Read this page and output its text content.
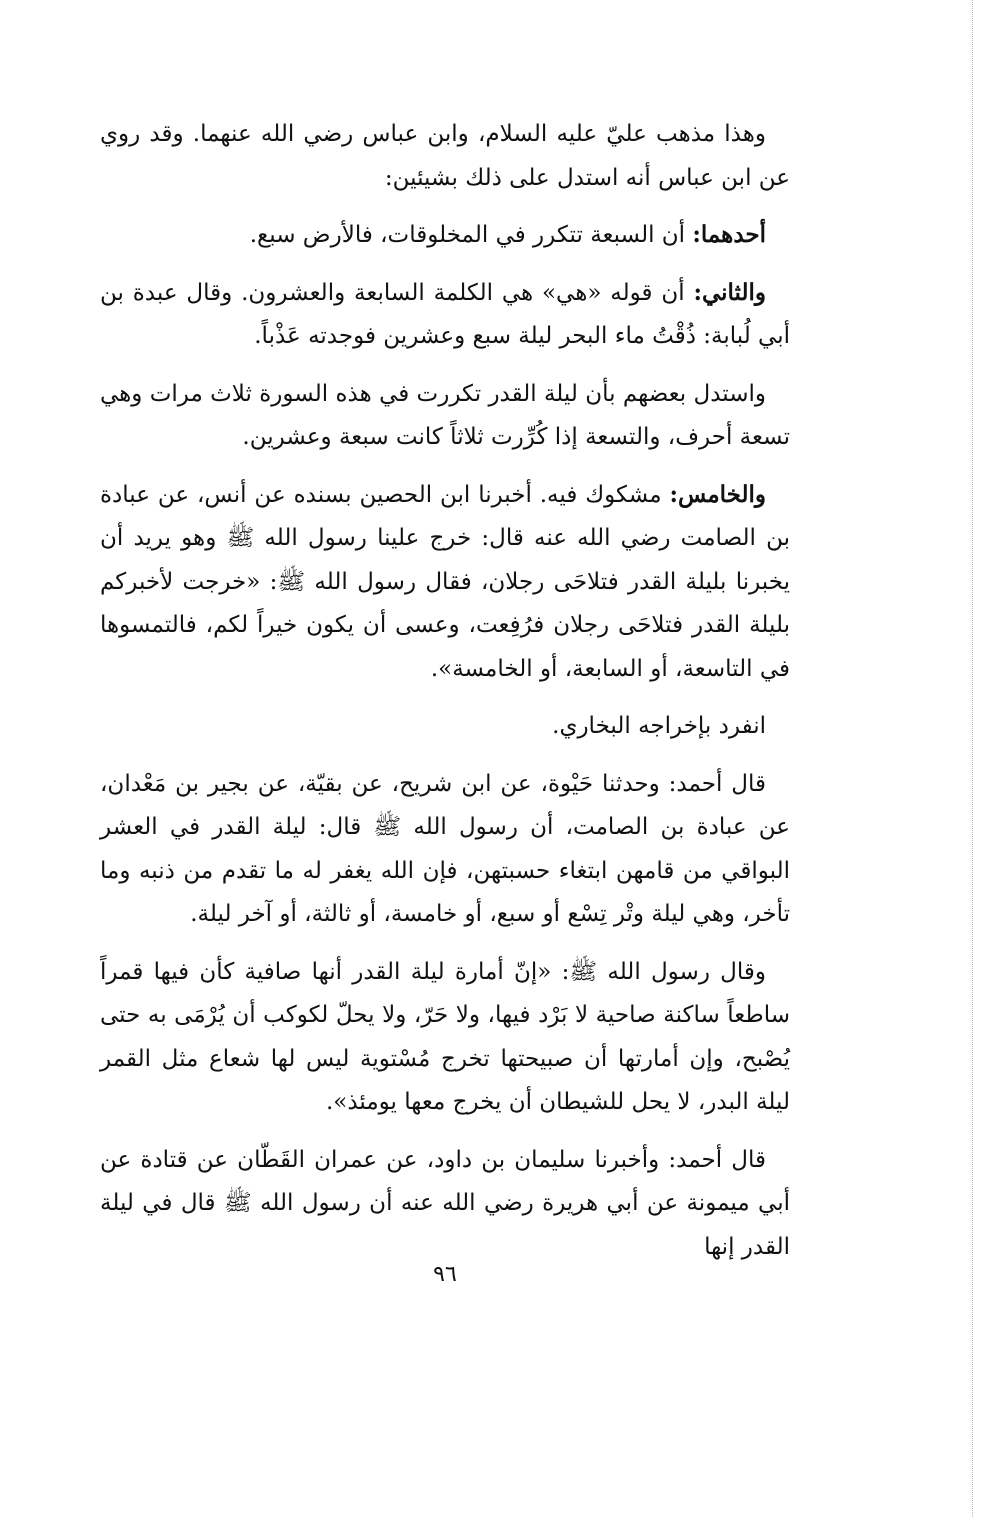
وهذا مذهب عليّ عليه السلام، وابن عباس رضي الله عنهما. وقد روي عن ابن عباس أنه استدل على ذلك بشيئين:

أحدهما: أن السبعة تتكرر في المخلوقات، فالأرض سبع.

والثاني: أن قوله «هي» هي الكلمة السابعة والعشرون. وقال عبدة بن أبي لُبابة: ذُقْتُ ماء البحر ليلة سبع وعشرين فوجدته عَذْباً.

واستدل بعضهم بأن ليلة القدر تكررت في هذه السورة ثلاث مرات وهي تسعة أحرف، والتسعة إذا كُرِّرت ثلاثاً كانت سبعة وعشرين.

والخامس: مشكوك فيه. أخبرنا ابن الحصين بسنده عن أنس، عن عبادة بن الصامت رضي الله عنه قال: خرج علينا رسول الله ﷺ وهو يريد أن يخبرنا بليلة القدر فتلاحَى رجلان، فقال رسول الله ﷺ: «خرجت لأخبركم بليلة القدر فتلاحَى رجلان فرُفِعت، وعسى أن يكون خيراً لكم، فالتمسوها في التاسعة، أو السابعة، أو الخامسة».

انفرد بإخراجه البخاري.

قال أحمد: وحدثنا حَيْوة، عن ابن شريح، عن بقيّة، عن بجير بن مَعْدان، عن عبادة بن الصامت، أن رسول الله ﷺ قال: ليلة القدر في العشر البواقي من قامهن ابتغاء حسبتهن، فإن الله يغفر له ما تقدم من ذنبه وما تأخر، وهي ليلة وتْر تِسْع أو سبع، أو خامسة، أو ثالثة، أو آخر ليلة.

وقال رسول الله ﷺ: «إنّ أمارة ليلة القدر أنها صافية كأن فيها قمراً ساطعاً ساكنة صاحية لا بَرْد فيها، ولا حَرّ، ولا يحلّ لكوكب أن يُرْمَى به حتى يُصْبح، وإن أمارتها أن صبيحتها تخرج مُسْتوية ليس لها شعاع مثل القمر ليلة البدر، لا يحل للشيطان أن يخرج معها يومئذ».

قال أحمد: وأخبرنا سليمان بن داود، عن عمران القَطّان عن قتادة عن أبي ميمونة عن أبي هريرة رضي الله عنه أن رسول الله ﷺ قال في ليلة القدر إنها

٩٦
